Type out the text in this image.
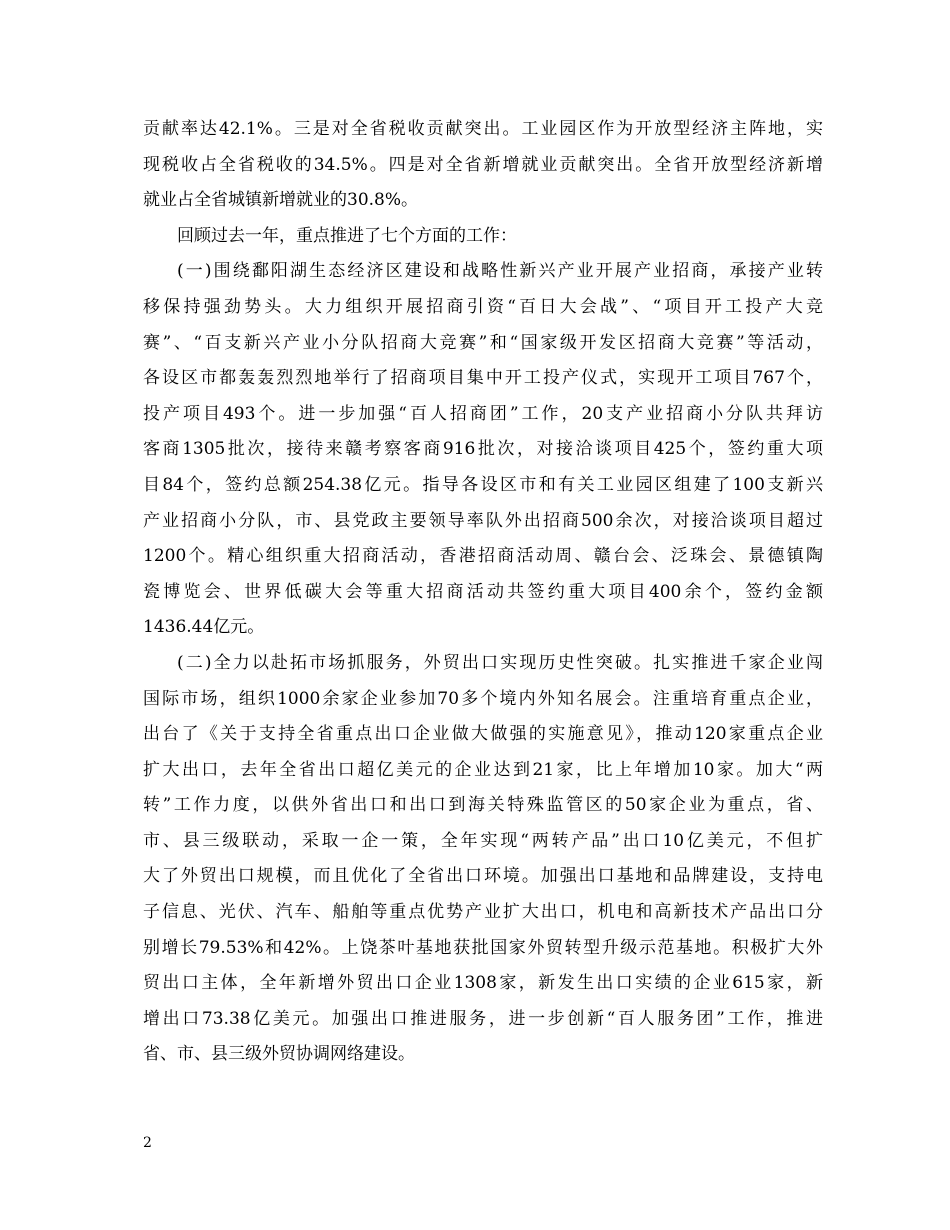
贡献率达42.1%。三是对全省税收贡献突出。工业园区作为开放型经济主阵地，实
现税收占全省税收的34.5%。四是对全省新增就业贡献突出。全省开放型经济新增
就业占全省城镇新增就业的30.8%。
回顾过去一年，重点推进了七个方面的工作：
(一)围绕鄱阳湖生态经济区建设和战略性新兴产业开展产业招商，承接产业转
移保持强劲势头。大力组织开展招商引资“百日大会战”、“项目开工投产大竞
赛”、“百支新兴产业小分队招商大竞赛”和“国家级开发区招商大竞赛”等活动，
各设区市都轰轰烈烈地举行了招商项目集中开工投产仪式，实现开工项目767个，
投产项目493个。进一步加强“百人招商团”工作，20支产业招商小分队共拜访
客商1305批次，接待来赣考察客商916批次，对接洽谈项目425个，签约重大项
目84个，签约总额254.38亿元。指导各设区市和有关工业园区组建了100支新兴
产业招商小分队，市、县党政主要领导率队外出招商500余次，对接洽谈项目超过
1200个。精心组织重大招商活动，香港招商活动周、赣台会、泛珠会、景德镇陶
瓷博览会、世界低碳大会等重大招商活动共签约重大项目400余个，签约金额
1436.44亿元。
(二)全力以赴拓市场抓服务，外贸出口实现历史性突破。扎实推进千家企业闯
国际市场，组织1000余家企业参加70多个境内外知名展会。注重培育重点企业，
出台了《关于支持全省重点出口企业做大做强的实施意见》，推动120家重点企业
扩大出口，去年全省出口超亿美元的企业达到21家，比上年增加10家。加大“两
转”工作力度，以供外省出口和出口到海关特殊监管区的50家企业为重点，省、
市、县三级联动，采取一企一策，全年实现“两转产品”出口10亿美元，不但扩
大了外贸出口规模，而且优化了全省出口环境。加强出口基地和品牌建设，支持电
子信息、光伏、汽车、船舶等重点优势产业扩大出口，机电和高新技术产品出口分
别增长79.53%和42%。上饶茶叶基地获批国家外贸转型升级示范基地。积极扩大外
贸出口主体，全年新增外贸出口企业1308家，新发生出口实绩的企业615家，新
增出口73.38亿美元。加强出口推进服务，进一步创新“百人服务团”工作，推进
省、市、县三级外贸协调网络建设。
2
